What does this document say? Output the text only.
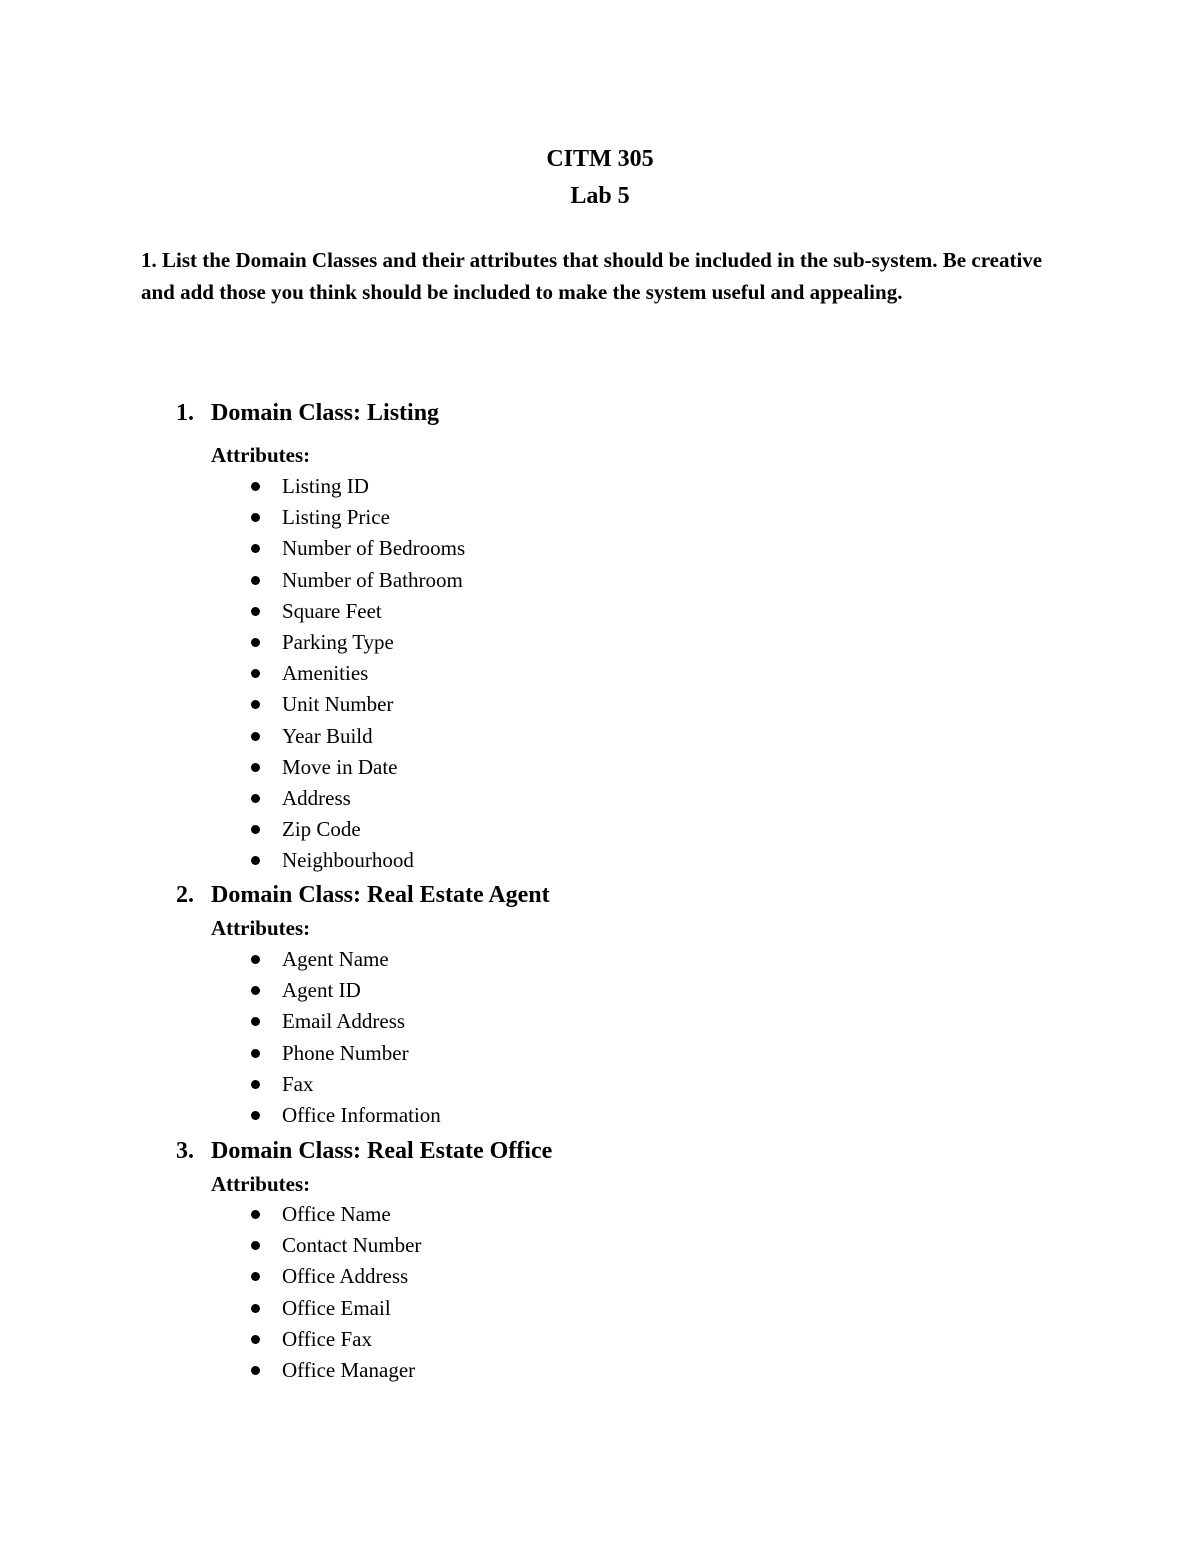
CITM 305
Lab 5
1. List the Domain Classes and their attributes that should be included in the sub-system. Be creative and add those you think should be included to make the system useful and appealing.
1. Domain Class: Listing
Attributes:
Listing ID
Listing Price
Number of Bedrooms
Number of Bathroom
Square Feet
Parking Type
Amenities
Unit Number
Year Build
Move in Date
Address
Zip Code
Neighbourhood
2. Domain Class: Real Estate Agent
Attributes:
Agent Name
Agent ID
Email Address
Phone Number
Fax
Office Information
3. Domain Class: Real Estate Office
Attributes:
Office Name
Contact Number
Office Address
Office Email
Office Fax
Office Manager
